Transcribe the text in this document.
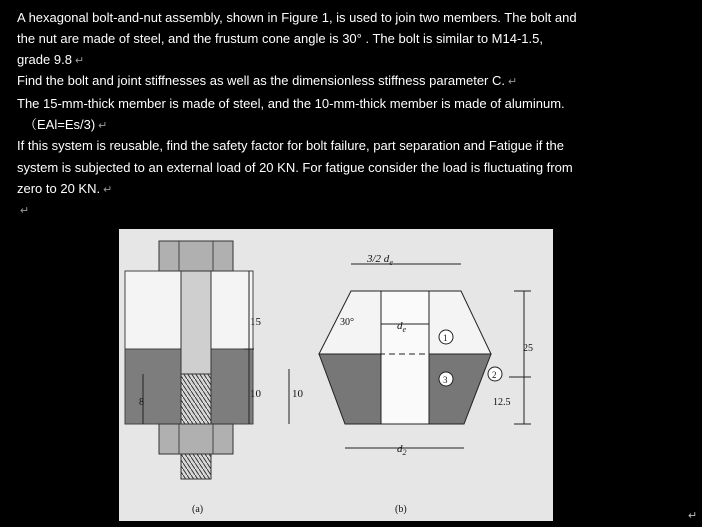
A hexagonal bolt-and-nut assembly, shown in Figure 1, is used to join two members. The bolt and
the nut are made of steel, and the frustum cone angle is 30° . The bolt is similar to M14-1.5,
grade 9.8 ↵
Find the bolt and joint stiffnesses as well as the dimensionless stiffness parameter C. ↵
The 15-mm-thick member is made of steel, and the 10-mm-thick member is made of aluminum.
（EAl=Es/3) ↵
If this system is reusable, find the safety factor for bolt failure, part separation and Fatigue if the
system is subjected to an external load of 20 KN. For fatigue consider the load is fluctuating from
zero to 20 KN. ↵
↵
15
10	10
8
(a)
3/2 $d_e$
30°	$d_e$
$d_2$
25
12.5
1
3	2
(b)
↵
